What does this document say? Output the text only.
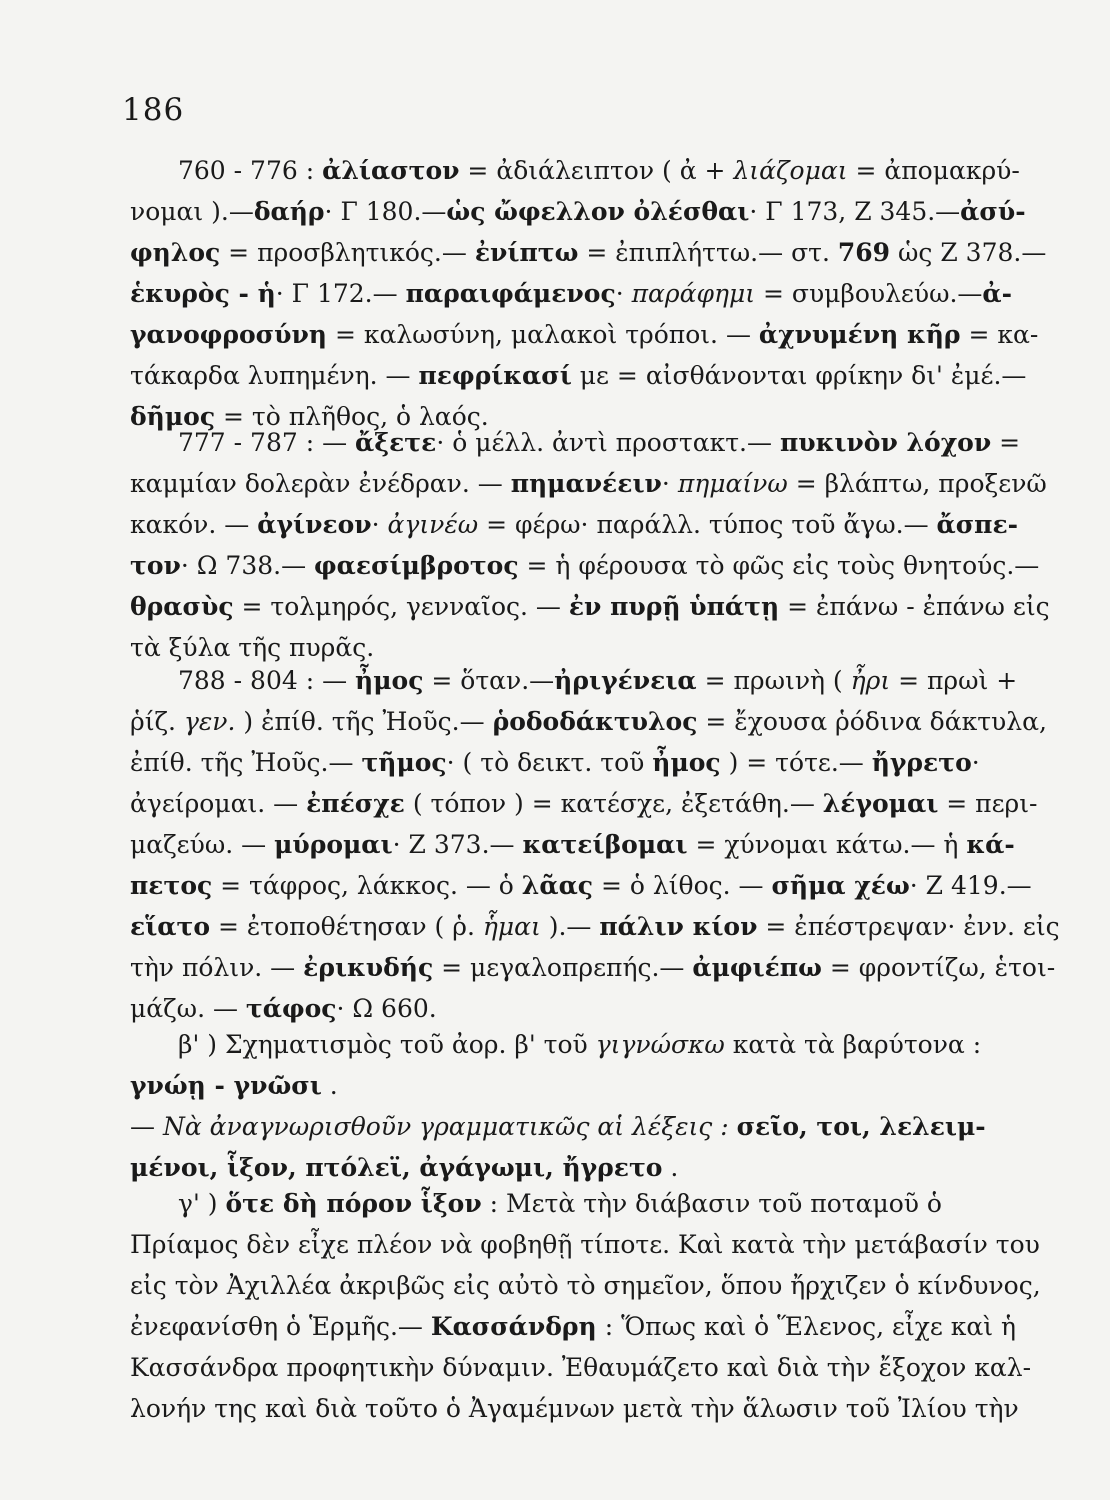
186
760 - 776 : ἀλίαστον = ἀδιάλειπτον ( ἀ + λιάζομαι = ἀπομακρύ-
νομαι ).—δαήρ· Γ 180.—ὡς ὤφελλον ὀλέσθαι· Γ 173, Ζ 345.—ἀσύ-
φηλος = προσβλητικός.— ἐνίπτω = ἐπιπλήττω.— στ. 769 ὡς Ζ 378.—
ἑκυρὸς - ἡ· Γ 172.— παραιφάμενος· παράφημι = συμβουλεύω.—ἀ-
γανοφροσύνη = καλωσύνη, μαλακοὶ τρόποι. — ἀχνυμένη κῆρ = κα-
τάκαρδα λυπημένη. — πεφρίκασί με = αἰσθάνονται φρίκην δι' ἐμέ.—
δῆμος = τὸ πλῆθος, ὁ λαός.
777 - 787 : — ἄξετε· ὁ μέλλ. ἀντὶ προστακτ.— πυκινὸν λόχον =
καμμίαν δολερὰν ἐνέδραν. — πημανέειν· πημαίνω = βλάπτω, προξενῶ
κακόν. — ἀγίνεον· ἀγινέω = φέρω· παράλλ. τύπος τοῦ ἄγω.— ἄσπε-
τον· Ω 738.— φαεσίμβροτος = ἡ φέρουσα τὸ φῶς εἰς τοὺς θνητούς.—
θρασὺς = τολμηρός, γενναῖος. — ἐν πυρῇ ὑπάτῃ = ἐπάνω - ἐπάνω εἰς
τὰ ξύλα τῆς πυρᾶς.
788 - 804 : — ἦμος = ὅταν.—ἠριγένεια = πρωινὴ ( ἦρι = πρωὶ +
ῥίζ. γεν. ) ἐπίθ. τῆς Ἠοῦς.— ῥοδοδάκτυλος = ἔχουσα ῥόδινα δάκτυλα,
ἐπίθ. τῆς Ἠοῦς.— τῆμος· ( τὸ δεικτ. τοῦ ἦμος ) = τότε.— ἤγρετο·
ἀγείρομαι. — ἐπέσχε ( τόπον ) = κατέσχε, ἐξετάθη.— λέγομαι = περι-
μαζεύω. — μύρομαι· Ζ 373.— κατείβομαι = χύνομαι κάτω.— ἡ κά-
πετος = τάφρος, λάκκος. — ὁ λᾶας = ὁ λίθος. — σῆμα χέω· Ζ 419.—
εἵατο = ἐτοποθέτησαν ( ῥ. ἧμαι ).— πάλιν κίον = ἐπέστρεψαν· ἐνν. εἰς
τὴν πόλιν. — ἐρικυδής = μεγαλοπρεπής.— ἀμφιέπω = φροντίζω, ἑτοι-
μάζω. — τάφος· Ω 660.
β' ) Σχηματισμὸς τοῦ ἀορ. β' τοῦ γιγνώσκω κατὰ τὰ βαρύτονα :
γνώῃ - γνῶσι .
— Νὰ ἀναγνωρισθοῦν γραμματικῶς αἱ λέξεις : σεῖο, τοι, λελειμ-
μένοι, ἷξον, πτόλεϊ, ἀγάγωμι, ἤγρετο .
γ' ) ὅτε δὴ πόρον ἷξον : Μετὰ τὴν διάβασιν τοῦ ποταμοῦ ὁ
Πρίαμος δὲν εἶχε πλέον νὰ φοβηθῇ τίποτε. Καὶ κατὰ τὴν μετάβασίν του
εἰς τὸν Ἀχιλλέα ἀκριβῶς εἰς αὐτὸ τὸ σημεῖον, ὅπου ἤρχιζεν ὁ κίνδυνος,
ἐνεφανίσθη ὁ Ἑρμῆς.— Κασσάνδρη : Ὅπως καὶ ὁ Ἕλενος, εἶχε καὶ ἡ
Κασσάνδρα προφητικὴν δύναμιν. Ἐθαυμάζετο καὶ διὰ τὴν ἔξοχον καλ-
λονήν της καὶ διὰ τοῦτο ὁ Ἀγαμέμνων μετὰ τὴν ἅλωσιν τοῦ Ἰλίου τὴν
